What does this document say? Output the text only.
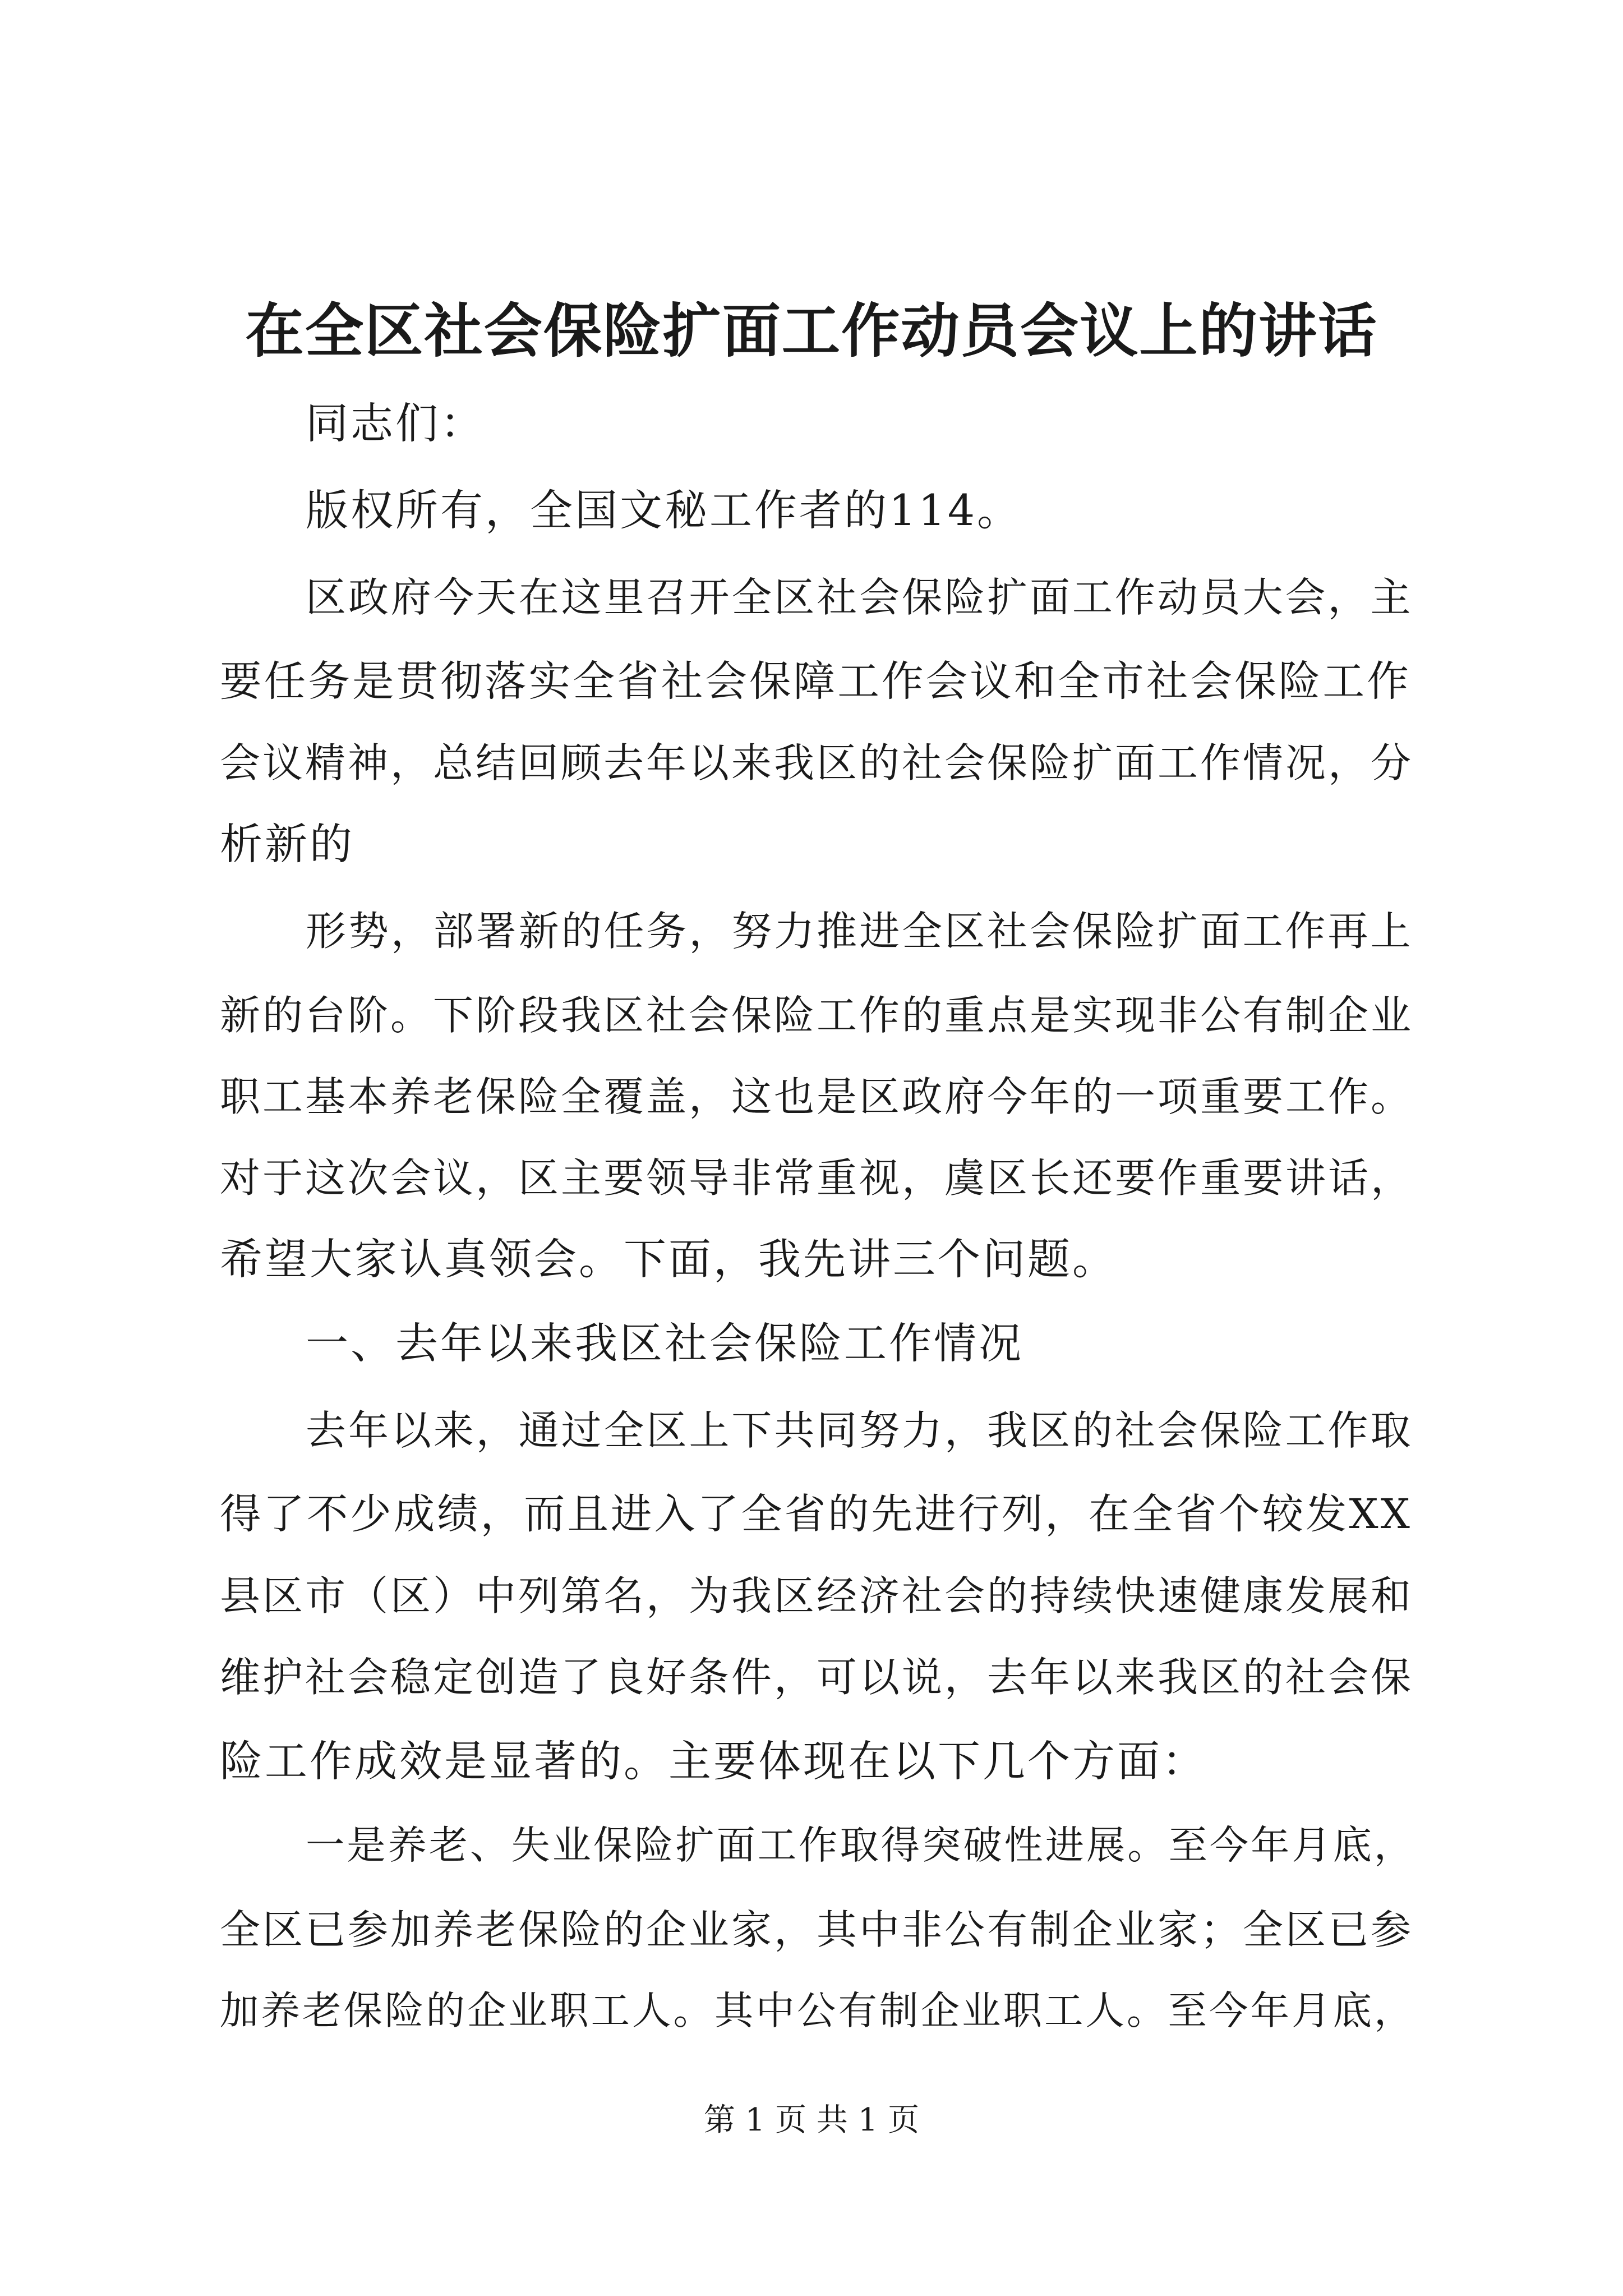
在全区社会保险扩面工作动员会议上的讲话
同志们：
版权所有，全国文秘工作者的114。
区政府今天在这里召开全区社会保险扩面工作动员大会，主
要任务是贯彻落实全省社会保障工作会议和全市社会保险工作
会议精神，总结回顾去年以来我区的社会保险扩面工作情况，分
析新的
形势，部署新的任务，努力推进全区社会保险扩面工作再上
新的台阶。下阶段我区社会保险工作的重点是实现非公有制企业
职工基本养老保险全覆盖，这也是区政府今年的一项重要工作。
对于这次会议，区主要领导非常重视，虞区长还要作重要讲话，
希望大家认真领会。下面，我先讲三个问题。
一、去年以来我区社会保险工作情况
去年以来，通过全区上下共同努力，我区的社会保险工作取
得了不少成绩，而且进入了全省的先进行列，在全省个较发XX
县区市（区）中列第名，为我区经济社会的持续快速健康发展和
维护社会稳定创造了良好条件，可以说，去年以来我区的社会保
险工作成效是显著的。主要体现在以下几个方面：
一是养老、失业保险扩面工作取得突破性进展。至今年月底，
全区已参加养老保险的企业家，其中非公有制企业家；全区已参
加养老保险的企业职工人。其中公有制企业职工人。至今年月底，
第 1 页 共 1 页
